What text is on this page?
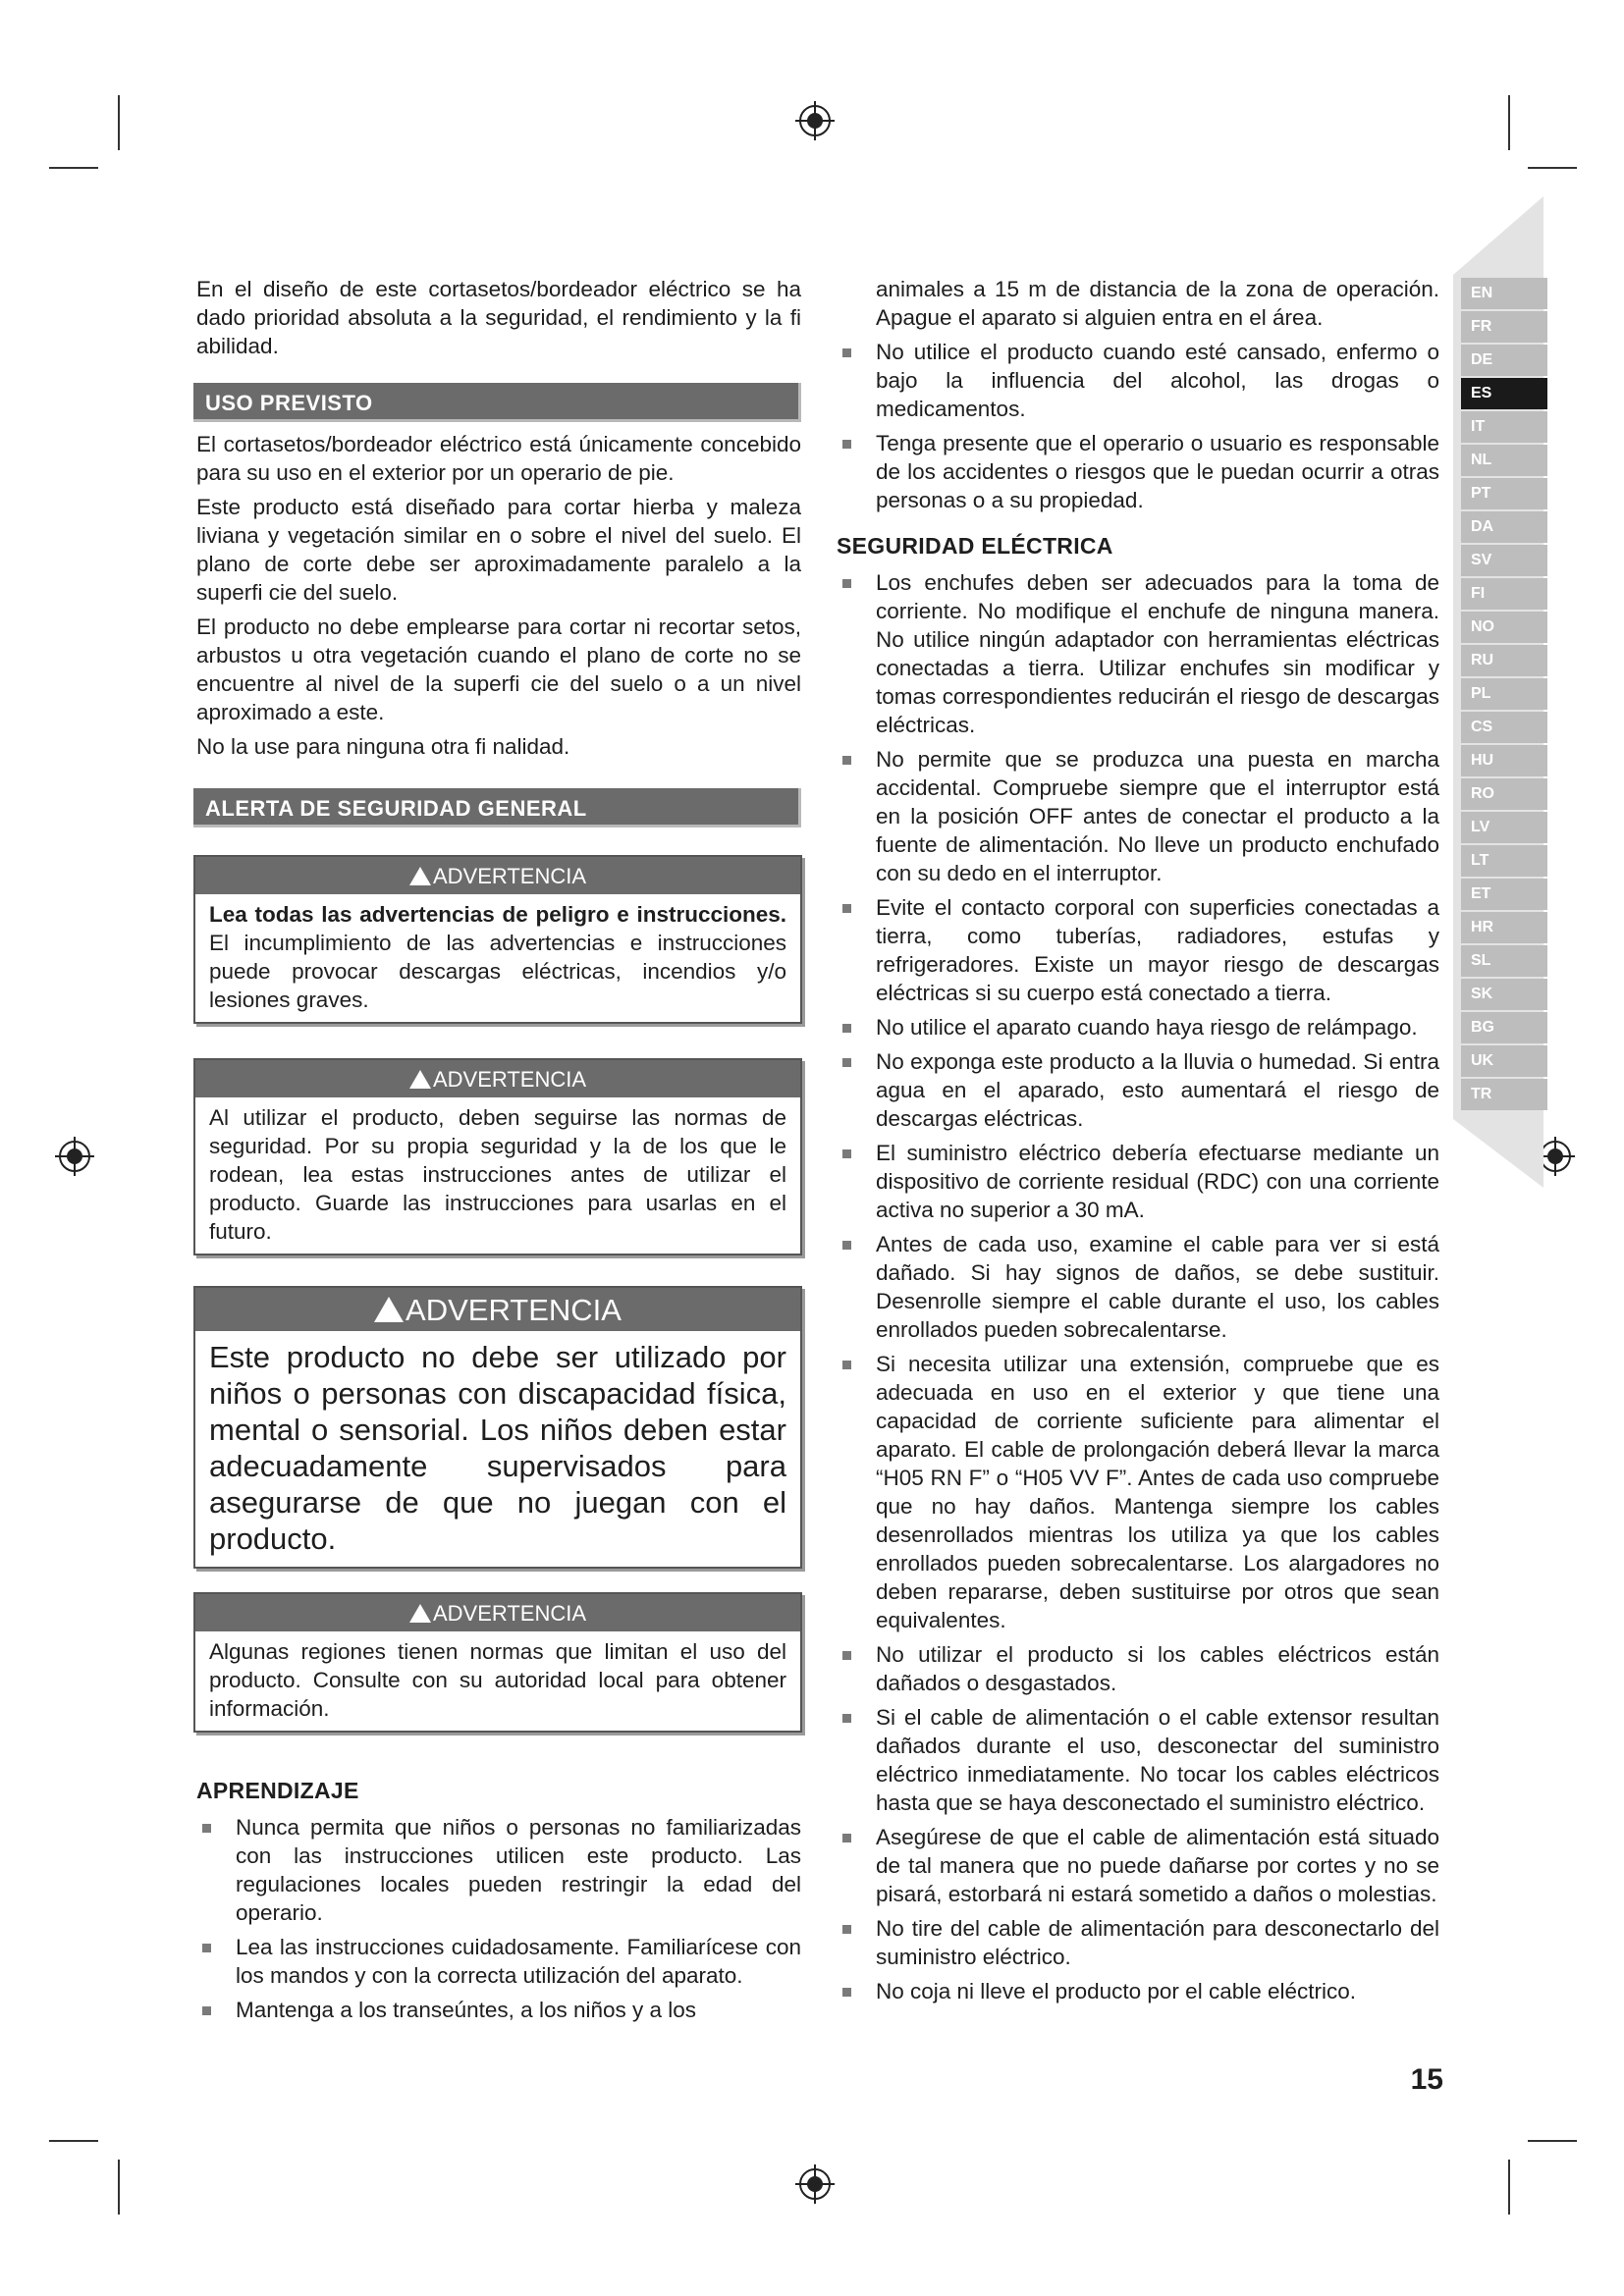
EN
FR
DE
ES
IT
NL
PT
DA
SV
FI
NO
RU
PL
CS
HU
RO
LV
LT
ET
HR
SL
SK
BG
UK
TR

En el diseño de este cortasetos/bordeador eléctrico se ha dado prioridad absoluta a la seguridad, el rendimiento y la fi abilidad.

USO PREVISTO

El cortasetos/bordeador eléctrico está únicamente concebido para su uso en el exterior por un operario de pie.

Este producto está diseñado para cortar hierba y maleza liviana y vegetación similar en o sobre el nivel del suelo. El plano de corte debe ser aproximadamente paralelo a la superfi cie del suelo.

El producto no debe emplearse para cortar ni recortar setos, arbustos u otra vegetación cuando el plano de corte no se encuentre al nivel de la superfi cie del suelo o a un nivel aproximado a este.

No la use para ninguna otra fi nalidad.

ALERTA DE SEGURIDAD GENERAL
ADVERTENCIA
Lea todas las advertencias de peligro e instrucciones. El incumplimiento de las advertencias e instrucciones puede provocar descargas eléctricas, incendios y/o lesiones graves.
ADVERTENCIA
Al utilizar el producto, deben seguirse las normas de seguridad. Por su propia seguridad y la de los que le rodean, lea estas instrucciones antes de utilizar el producto. Guarde las instrucciones para usarlas en el futuro.
ADVERTENCIA
Este producto no debe ser utilizado por niños o personas con discapacidad física, mental o sensorial. Los niños deben estar adecuadamente supervisados para asegurarse de que no juegan con el producto.
ADVERTENCIA
Algunas regiones tienen normas que limitan el uso del producto. Consulte con su autoridad local para obtener información.
APRENDIZAJE
Nunca permita que niños o personas no familiarizadas con las instrucciones utilicen este producto. Las regulaciones locales pueden restringir la edad del operario.
Lea las instrucciones cuidadosamente. Familiarícese con los mandos y con la correcta utilización del aparato.
Mantenga a los transeúntes, a los niños y a los
animales a 15 m de distancia de la zona de operación. Apague el aparato si alguien entra en el área.
No utilice el producto cuando esté cansado, enfermo o bajo la influencia del alcohol, las drogas o medicamentos.
Tenga presente que el operario o usuario es responsable de los accidentes o riesgos que le puedan ocurrir a otras personas o a su propiedad.
SEGURIDAD ELÉCTRICA
Los enchufes deben ser adecuados para la toma de corriente. No modifique el enchufe de ninguna manera. No utilice ningún adaptador con herramientas eléctricas conectadas a tierra. Utilizar enchufes sin modificar y tomas correspondientes reducirán el riesgo de descargas eléctricas.
No permite que se produzca una puesta en marcha accidental. Compruebe siempre que el interruptor está en la posición OFF antes de conectar el producto a la fuente de alimentación. No lleve un producto enchufado con su dedo en el interruptor.
Evite el contacto corporal con superficies conectadas a tierra, como tuberías, radiadores, estufas y refrigeradores. Existe un mayor riesgo de descargas eléctricas si su cuerpo está conectado a tierra.
No utilice el aparato cuando haya riesgo de relámpago.
No exponga este producto a la lluvia o humedad. Si entra agua en el aparado, esto aumentará el riesgo de descargas eléctricas.
El suministro eléctrico debería efectuarse mediante un dispositivo de corriente residual (RDC) con una corriente activa no superior a 30 mA.
Antes de cada uso, examine el cable para ver si está dañado. Si hay signos de daños, se debe sustituir. Desenrolle siempre el cable durante el uso, los cables enrollados pueden sobrecalentarse.
Si necesita utilizar una extensión, compruebe que es adecuada en uso en el exterior y que tiene una capacidad de corriente suficiente para alimentar el aparato. El cable de prolongación deberá llevar la marca “H05 RN F” o “H05 VV F”. Antes de cada uso compruebe que no hay daños. Mantenga siempre los cables desenrollados mientras los utiliza ya que los cables enrollados pueden sobrecalentarse. Los alargadores no deben repararse, deben sustituirse por otros que sean equivalentes.
No utilizar el producto si los cables eléctricos están dañados o desgastados.
Si el cable de alimentación o el cable extensor resultan dañados durante el uso, desconectar del suministro eléctrico inmediatamente. No tocar los cables eléctricos hasta que se haya desconectado el suministro eléctrico.
Asegúrese de que el cable de alimentación está situado de tal manera que no puede dañarse por cortes y no se pisará, estorbará ni estará sometido a daños o molestias.
No tire del cable de alimentación para desconectarlo del suministro eléctrico.
No coja ni lleve el producto por el cable eléctrico.
15
